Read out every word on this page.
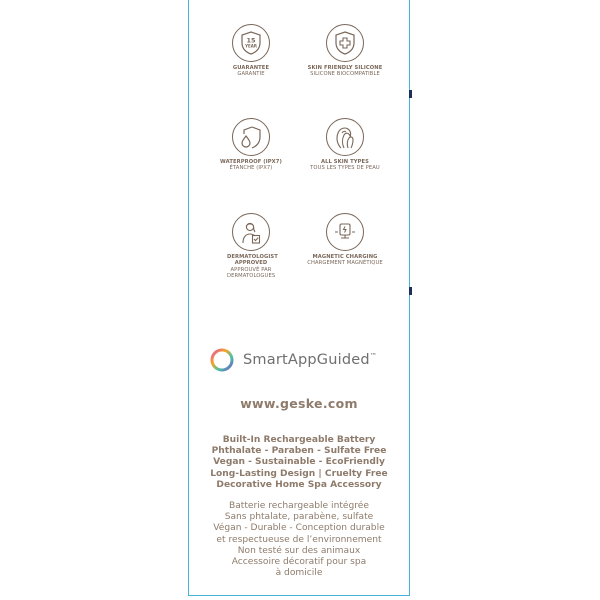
15
YEAR
GUARANTEE
GARANTIE
SKIN FRIENDLY SILICONE
SILICONE BIOCOMPATIBLE
WATERPROOF (IPX7)
ÉTANCHE (IPX7)
ALL SKIN TYPES
TOUS LES TYPES DE PEAU
DERMATOLOGIST APPROVED
APPROUVÉ PAR DERMATOLOGUES
MAGNETIC CHARGING
CHARGEMENT MAGNÉTIQUE
SmartAppGuided™
www.geske.com
Built-In Rechargeable Battery
Phthalate - Paraben - Sulfate Free
Vegan - Sustainable - EcoFriendly
Long-Lasting Design | Cruelty Free
Decorative Home Spa Accessory
Batterie rechargeable intégrée
Sans phtalate, parabène, sulfate
Végan - Durable - Conception durable
et respectueuse de l’environnement
Non testé sur des animaux
Accessoire décoratif pour spa
à domicile
